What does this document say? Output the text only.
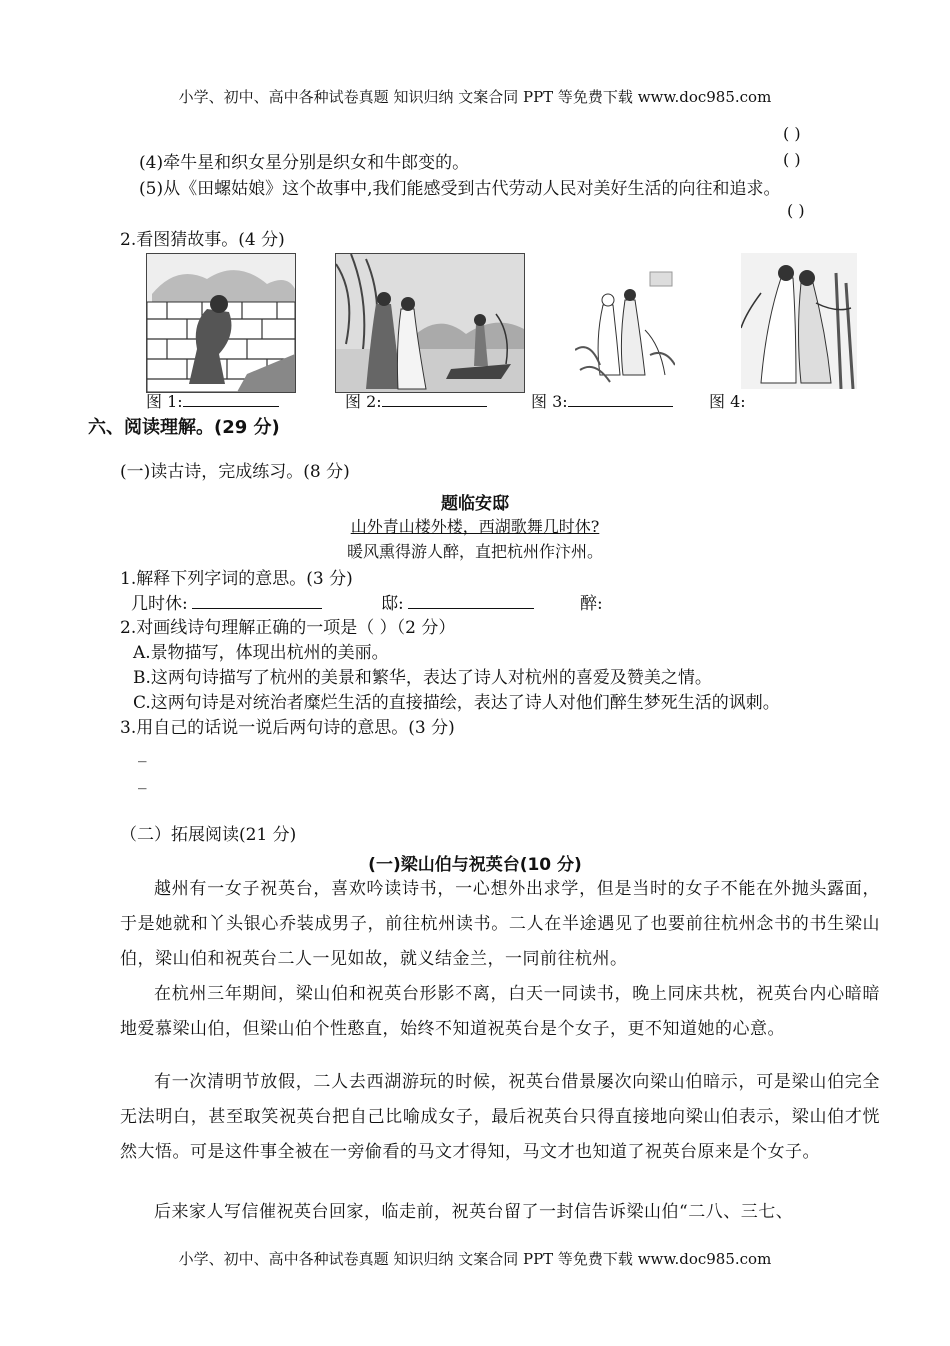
小学、初中、高中各种试卷真题 知识归纳 文案合同 PPT 等免费下载 www.doc985.com
( )
(4)牵牛星和织女星分别是织女和牛郎变的。	( )
(5)从《田螺姑娘》这个故事中,我们能感受到古代劳动人民对美好生活的向往和追求。
( )
2.看图猜故事。(4 分)
图 1:	图 2:	图 3:	图 4:
六、阅读理解。(29 分)
(一)读古诗，完成练习。(8 分)
题临安邸
山外青山楼外楼，西湖歌舞几时休?
暖风熏得游人醉，直把杭州作汴州。
1.解释下列字词的意思。(3 分)
几时休:	邸:	醉:
2.对画线诗句理解正确的一项是（ ）（2 分）
A.景物描写，体现出杭州的美丽。
B.这两句诗描写了杭州的美景和繁华，表达了诗人对杭州的喜爱及赞美之情。
C.这两句诗是对统治者糜烂生活的直接描绘，表达了诗人对他们醉生梦死生活的讽刺。
3.用自己的话说一说后两句诗的意思。(3 分)
_
_
（二）拓展阅读(21 分)
(一)梁山伯与祝英台(10 分)
越州有一女子祝英台，喜欢吟读诗书，一心想外出求学，但是当时的女子不能在外抛头露面，于是她就和丫头银心乔装成男子，前往杭州读书。二人在半途遇见了也要前往杭州念书的书生梁山伯，梁山伯和祝英台二人一见如故，就义结金兰，一同前往杭州。
在杭州三年期间，梁山伯和祝英台形影不离，白天一同读书，晚上同床共枕，祝英台内心暗暗地爱慕梁山伯，但梁山伯个性憨直，始终不知道祝英台是个女子，更不知道她的心意。
有一次清明节放假，二人去西湖游玩的时候，祝英台借景屡次向梁山伯暗示，可是梁山伯完全无法明白，甚至取笑祝英台把自己比喻成女子，最后祝英台只得直接地向梁山伯表示，梁山伯才恍然大悟。可是这件事全被在一旁偷看的马文才得知，马文才也知道了祝英台原来是个女子。
后来家人写信催祝英台回家，临走前，祝英台留了一封信告诉梁山伯“二八、三七、
小学、初中、高中各种试卷真题 知识归纳 文案合同 PPT 等免费下载 www.doc985.com
